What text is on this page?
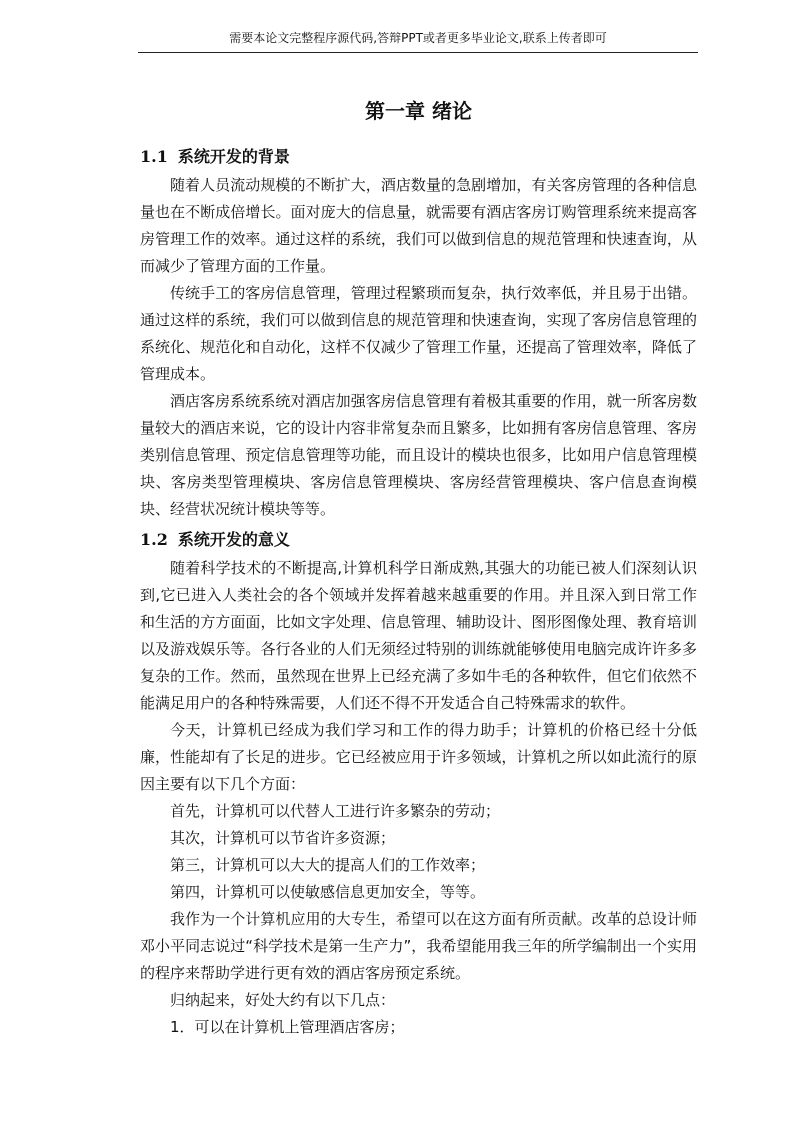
需要本论文完整程序源代码,答辩PPT或者更多毕业论文,联系上传者即可
第一章 绪论
1.1 系统开发的背景

随着人员流动规模的不断扩大，酒店数量的急剧增加，有关客房管理的各种信息量也在不断成倍增长。面对庞大的信息量，就需要有酒店客房订购管理系统来提高客房管理工作的效率。通过这样的系统，我们可以做到信息的规范管理和快速查询，从而减少了管理方面的工作量。

传统手工的客房信息管理，管理过程繁琐而复杂，执行效率低，并且易于出错。通过这样的系统，我们可以做到信息的规范管理和快速查询，实现了客房信息管理的系统化、规范化和自动化，这样不仅减少了管理工作量，还提高了管理效率，降低了管理成本。

酒店客房系统系统对酒店加强客房信息管理有着极其重要的作用，就一所客房数量较大的酒店来说，它的设计内容非常复杂而且繁多，比如拥有客房信息管理、客房类别信息管理、预定信息管理等功能，而且设计的模块也很多，比如用户信息管理模块、客房类型管理模块、客房信息管理模块、客房经营管理模块、客户信息查询模块、经营状况统计模块等等。

1.2 系统开发的意义

随着科学技术的不断提高,计算机科学日渐成熟,其强大的功能已被人们深刻认识到,它已进入人类社会的各个领域并发挥着越来越重要的作用。并且深入到日常工作和生活的方方面面，比如文字处理、信息管理、辅助设计、图形图像处理、教育培训以及游戏娱乐等。各行各业的人们无须经过特别的训练就能够使用电脑完成许许多多复杂的工作。然而，虽然现在世界上已经充满了多如牛毛的各种软件，但它们依然不能满足用户的各种特殊需要，人们还不得不开发适合自己特殊需求的软件。

今天，计算机已经成为我们学习和工作的得力助手；计算机的价格已经十分低廉，性能却有了长足的进步。它已经被应用于许多领域，计算机之所以如此流行的原因主要有以下几个方面：

首先，计算机可以代替人工进行许多繁杂的劳动；

其次，计算机可以节省许多资源；

第三，计算机可以大大的提高人们的工作效率；

第四，计算机可以使敏感信息更加安全，等等。

我作为一个计算机应用的大专生，希望可以在这方面有所贡献。改革的总设计师邓小平同志说过“科学技术是第一生产力”，我希望能用我三年的所学编制出一个实用的程序来帮助学进行更有效的酒店客房预定系统。

归纳起来，好处大约有以下几点：

1．可以在计算机上管理酒店客房；
